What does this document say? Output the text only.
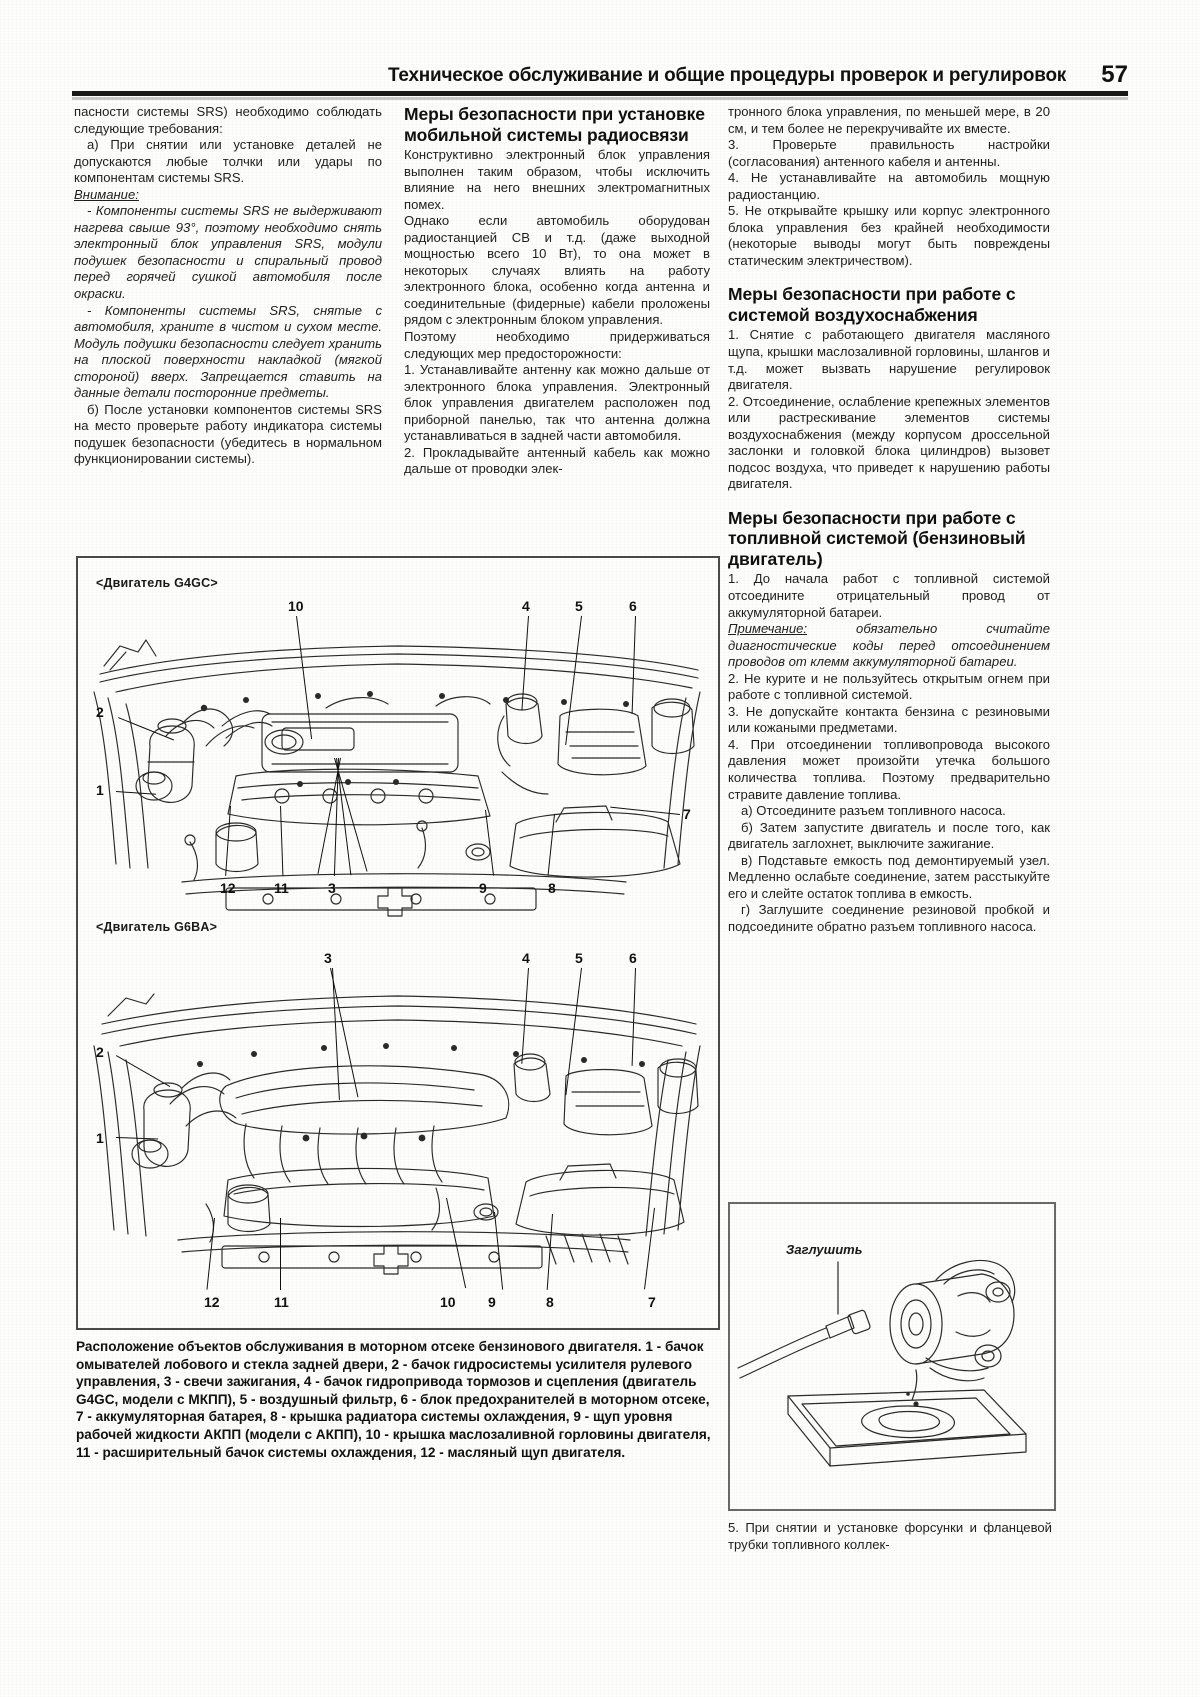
Техническое обслуживание и общие процедуры проверок и регулировок 57

пасности системы SRS) необходимо соблюдать следующие требования:

а) При снятии или установке деталей не допускаются любые толчки или удары по компонентам системы SRS.

Внимание:

- Компоненты системы SRS не выдерживают нагрева свыше 93°, поэтому необходимо снять электронный блок управления SRS, модули подушек безопасности и спиральный провод перед горячей сушкой автомобиля после окраски.

- Компоненты системы SRS, снятые с автомобиля, храните в чистом и сухом месте. Модуль подушки безопасности следует хранить на плоской поверхности накладкой (мягкой стороной) вверх. Запрещается ставить на данные детали посторонние предметы.

б) После установки компонентов системы SRS на место проверьте работу индикатора системы подушек безопасности (убедитесь в нормальном функционировании системы).

Меры безопасности при установке мобильной системы радиосвязи

Конструктивно электронный блок управления выполнен таким образом, чтобы исключить влияние на него внешних электромагнитных помех.

Однако если автомобиль оборудован радиостанцией СВ и т.д. (даже выходной мощностью всего 10 Вт), то она может в некоторых случаях влиять на работу электронного блока, особенно когда антенна и соединительные (фидерные) кабели проложены рядом с электронным блоком управления.

Поэтому необходимо придерживаться следующих мер предосторожности:

1. Устанавливайте антенну как можно дальше от электронного блока управления. Электронный блок управления двигателем расположен под приборной панелью, так что антенна должна устанавливаться в задней части автомобиля.

2. Прокладывайте антенный кабель как можно дальше от проводки элек-

тронного блока управления, по меньшей мере, в 20 см, и тем более не перекручивайте их вместе.

3. Проверьте правильность настройки (согласования) антенного кабеля и антенны.

4. Не устанавливайте на автомобиль мощную радиостанцию.

5. Не открывайте крышку или корпус электронного блока управления без крайней необходимости (некоторые выводы могут быть повреждены статическим электричеством).

Меры безопасности при работе с системой воздухоснабжения

1. Снятие с работающего двигателя масляного щупа, крышки маслозаливной горловины, шлангов и т.д. может вызвать нарушение регулировок двигателя.

2. Отсоединение, ослабление крепежных элементов или растрескивание элементов системы воздухоснабжения (между корпусом дроссельной заслонки и головкой блока цилиндров) вызовет подсос воздуха, что приведет к нарушению работы двигателя.

Меры безопасности при работе с топливной системой (бензиновый двигатель)

1. До начала работ с топливной системой отсоедините отрицательный провод от аккумуляторной батареи.

Примечание: обязательно считайте диагностические коды перед отсоединением проводов от клемм аккумуляторной батареи.

2. Не курите и не пользуйтесь открытым огнем при работе с топливной системой.

3. Не допускайте контакта бензина с резиновыми или кожаными предметами.

4. При отсоединении топливопровода высокого давления может произойти утечка большого количества топлива. Поэтому предварительно стравите давление топлива.

а) Отсоедините разъем топливного насоса.

б) Затем запустите двигатель и после того, как двигатель заглохнет, выключите зажигание.

в) Подставьте емкость под демонтируемый узел. Медленно ослабьте соединение, затем расстыкуйте его и слейте остаток топлива в емкость.

г) Заглушите соединение резиновой пробкой и подсоедините обратно разъем топливного насоса.

<Двигатель G4GC>
10	4	5	6
2
1
7
12	11	3	9	8
<Двигатель G6BA>
3	4	5	6
2
1
12	11	10 9	8	7
Расположение объектов обслуживания в моторном отсеке бензинового двигателя. 1 - бачок омывателей лобового и стекла задней двери, 2 - бачок гидросистемы усилителя рулевого управления, 3 - свечи зажигания, 4 - бачок гидропривода тормозов и сцепления (двигатель G4GC, модели с МКПП), 5 - воздушный фильтр, 6 - блок предохранителей в моторном отсеке, 7 - аккумуляторная батарея, 8 - крышка радиатора системы охлаждения, 9 - щуп уровня рабочей жидкости АКПП (модели с АКПП), 10 - крышка маслозаливной горловины двигателя, 11 - расширительный бачок системы охлаждения, 12 - масляный щуп двигателя.
Заглушить
5. При снятии и установке форсунки и фланцевой трубки топливного коллек-
